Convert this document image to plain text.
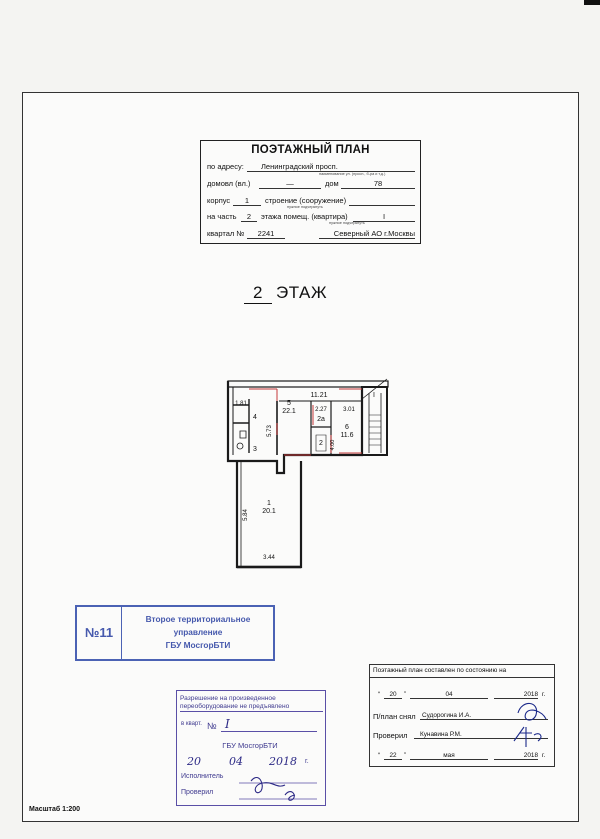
ПОЭТАЖНЫЙ ПЛАН
по адресу:	Ленинградский просп.
наименование ул. (просп., б-ра и т.д.)
домовл (вл.)	—	дом	78
корпус	1	строение (сооружение)

нужное подчеркнуть
на часть	2	этажа помещ. (квартира)	I
нужное подчеркнуть
квартал №	2241	Северный АО г.Москвы
2 ЭТАЖ
11.21
5
22.1
1.81
4
3
5.73
2.27
2а
3.01
6
11.6
2 4.00
I
1
20.1
5.84
3.44
№11
Второе территориальное
управление
ГБУ МосгорБТИ
Разрешение на произведенное переоборудование не предъявлено
в кварт. № I
ГБУ МосгорБТИ
20	04 2018 г.
Исполнитель
Проверил
Поэтажный план составлен по состоянию на
“	20	”	04	2018 г.
П/план снял Судорогина И.А.
Проверил	Кунавина Р.М.
“	22	”	мая	2018 г.
Масштаб 1:200
